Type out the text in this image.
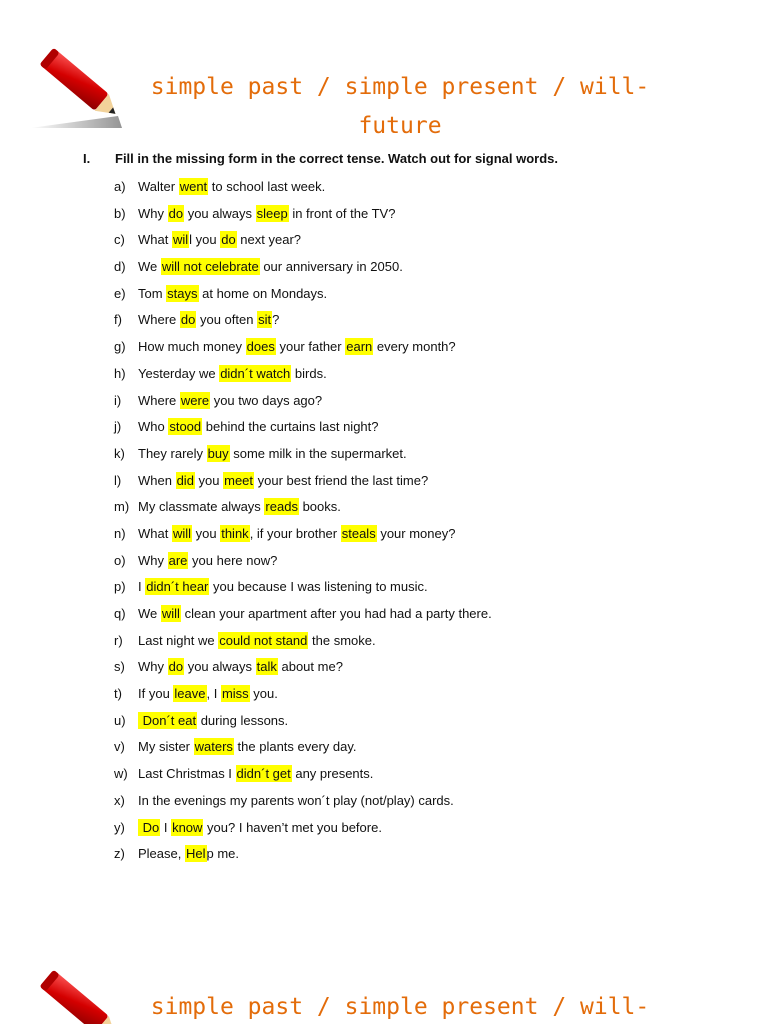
simple past / simple present / will-
future
I. Fill in the missing form in the correct tense. Watch out for signal words.
a) Walter went to school last week.
b) Why do you always sleep in front of the TV?
c) What will you do next year?
d) We will not celebrate our anniversary in 2050.
e) Tom stays at home on Mondays.
f) Where do you often sit?
g) How much money does your father earn every month?
h) Yesterday we didn´t watch birds.
i) Where were you two days ago?
j) Who stood behind the curtains last night?
k) They rarely buy some milk in the supermarket.
l) When did you meet your best friend the last time?
m) My classmate always reads books.
n) What will you think, if your brother steals your money?
o) Why are you here now?
p) I didn´t hear you because I was listening to music.
q) We will clean your apartment after you had had a party there.
r) Last night we could not stand the smoke.
s) Why do you always talk about me?
t) If you leave, I miss you.
u) Don´t eat during lessons.
v) My sister waters the plants every day.
w) Last Christmas I didn´t get any presents.
x) In the evenings my parents won´t play (not/play) cards.
y) Do I know you? I haven’t met you before.
z) Please, Help me.
simple past / simple present / will-
